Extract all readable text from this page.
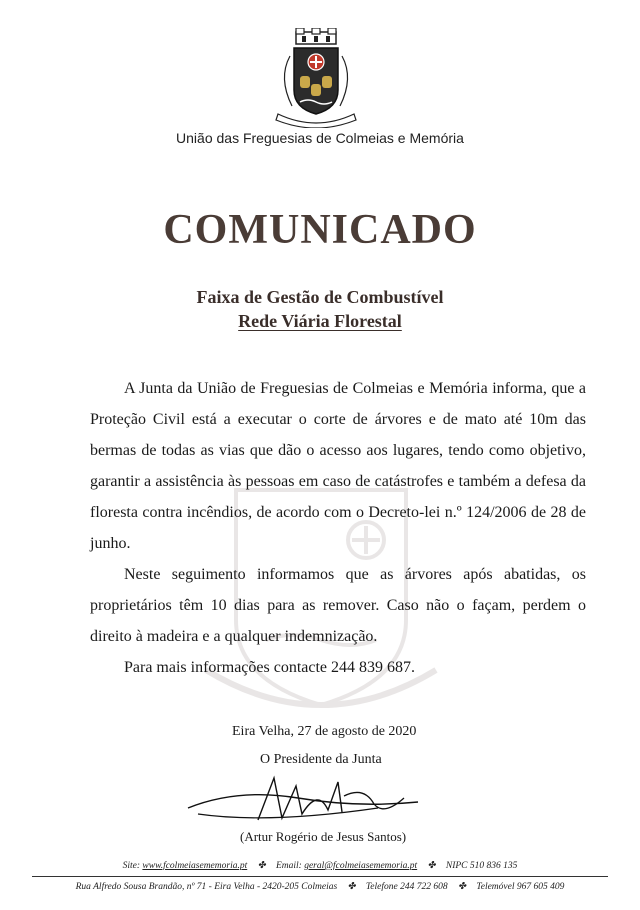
União das Freguesias de Colmeias e Memória
COMUNICADO
Faixa de Gestão de Combustível
Rede Viária Florestal

A Junta da União de Freguesias de Colmeias e Memória informa, que a Proteção Civil está a executar o corte de árvores e de mato até 10m das bermas de todas as vias que dão o acesso aos lugares, tendo como objetivo, garantir a assistência às pessoas em caso de catástrofes e também a defesa da floresta contra incêndios, de acordo com o Decreto-lei n.º 124/2006 de 28 de junho.

Neste seguimento informamos que as árvores após abatidas, os proprietários têm 10 dias para as remover. Caso não o façam, perdem o direito à madeira e a qualquer indemnização.

Para mais informações contacte 244 839 687.

Eira Velha, 27 de agosto de 2020
O Presidente da Junta
(Artur Rogério de Jesus Santos)
Site: www.fcolmeiasememoria.pt ✤ Email: geral@fcolmeiasememoria.pt ✤ NIPC 510 836 135
Rua Alfredo Sousa Brandão, nº 71 - Eira Velha - 2420-205 Colmeias ✤ Telefone 244 722 608 ✤ Telemóvel 967 605 409
